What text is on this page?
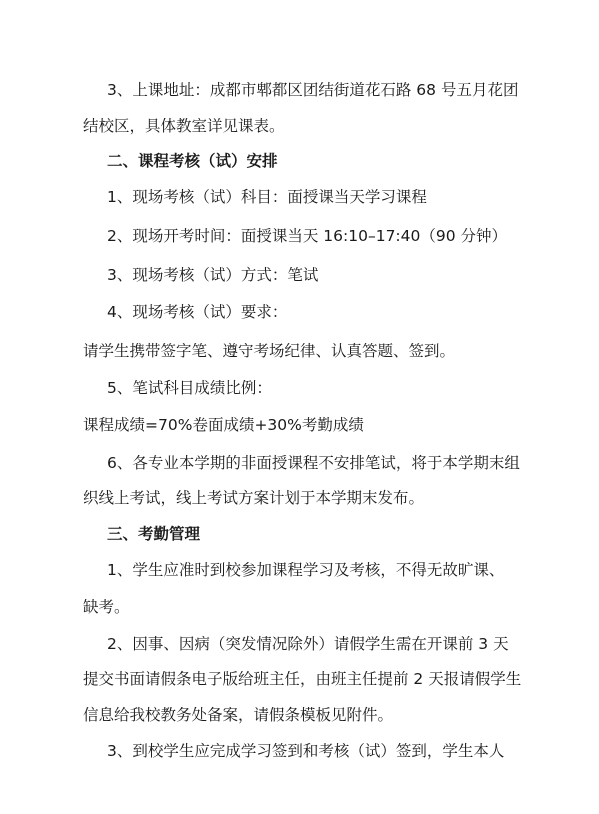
3、上课地址：成都市郫都区团结街道花石路 68 号五月花团
结校区，具体教室详见课表。
二、课程考核（试）安排
1、现场考核（试）科目：面授课当天学习课程
2、现场开考时间：面授课当天 16:10–17:40（90 分钟）
3、现场考核（试）方式：笔试
4、现场考核（试）要求：
请学生携带签字笔、遵守考场纪律、认真答题、签到。
5、笔试科目成绩比例：
课程成绩=70%卷面成绩+30%考勤成绩
6、各专业本学期的非面授课程不安排笔试，将于本学期末组
织线上考试，线上考试方案计划于本学期末发布。
三、考勤管理
1、学生应准时到校参加课程学习及考核，不得无故旷课、
缺考。
2、因事、因病（突发情况除外）请假学生需在开课前 3 天
提交书面请假条电子版给班主任，由班主任提前 2 天报请假学生
信息给我校教务处备案，请假条模板见附件。
3、到校学生应完成学习签到和考核（试）签到，学生本人
